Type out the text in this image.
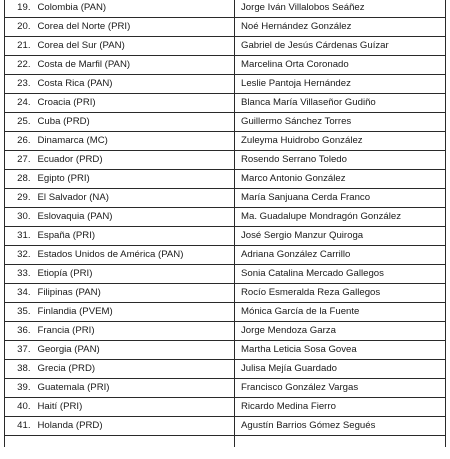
19.	Colombia (PAN)	Jorge Iván Villalobos Seáñez
20.	Corea del Norte (PRI)	Noé Hernández González
21.	Corea del Sur (PAN)	Gabriel de Jesús Cárdenas Guízar
22.	Costa de Marfil (PAN)	Marcelina Orta Coronado
23.	Costa Rica (PAN)	Leslie Pantoja Hernández
24.	Croacia (PRI)	Blanca María Villaseñor Gudiño
25.	Cuba (PRD)	Guillermo Sánchez Torres
26.	Dinamarca (MC)	Zuleyma Huidrobo González
27.	Ecuador (PRD)	Rosendo Serrano Toledo
28.	Egipto (PRI)	Marco Antonio González
29.	El Salvador (NA)	María Sanjuana Cerda Franco
30.	Eslovaquia (PAN)	Ma. Guadalupe Mondragón González
31.	España (PRI)	José Sergio Manzur Quiroga
32.	Estados Unidos de América (PAN)	Adriana González Carrillo
33.	Etiopía (PRI)	Sonia Catalina Mercado Gallegos
34.	Filipinas (PAN)	Rocío Esmeralda Reza Gallegos
35.	Finlandia (PVEM)	Mónica García de la Fuente
36.	Francia (PRI)	Jorge Mendoza Garza
37.	Georgia (PAN)	Martha Leticia Sosa Govea
38.	Grecia (PRD)	Julisa Mejía Guardado
39.	Guatemala (PRI)	Francisco González Vargas
40.	Haití (PRI)	Ricardo Medina Fierro
41.	Holanda (PRD)	Agustín Barrios Gómez Segués
